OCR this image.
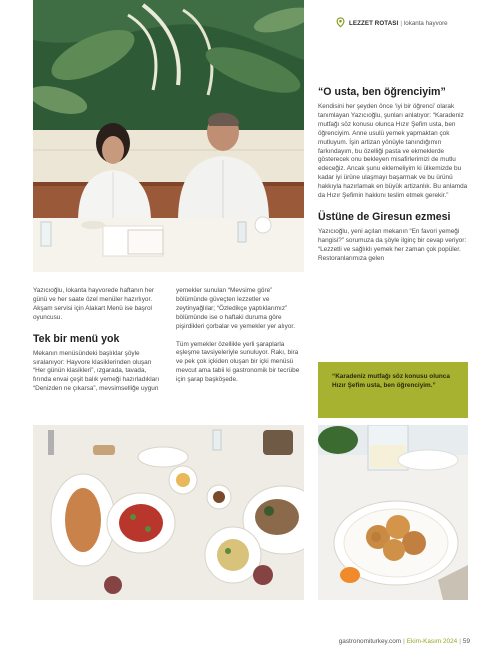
LEZZET ROTASI | lokanta hayvore
“O usta, ben öğrenciyim”

Kendisini her şeyden önce ‘iyi bir öğrenci’ olarak tanımlayan Yazıcıoğlu, şunları anlatıyor: “Karadeniz mutfağı söz konusu olunca Hızır Şefim usta, ben öğrenciyim. Anne usulü yemek yapmaktan çok mutluyum. İşin artizan yönüyle tanındığımın farkındayım, bu özelliği pasta ve ekmeklerde gösterecek onu bekleyen misafirlerimizi de mutlu edeceğiz. Ancak şunu eklemeliyim ki ülkemizde bu kadar iyi ürüne ulaşmayı başarmak ve bu ürünü hakkıyla hazırlamak en büyük artizanlık. Bu anlamda da Hızır Şefimin hakkını teslim etmek gerekir.”

Üstüne de Giresun ezmesi

Yazıcıoğlu, yeni açılan mekanın “En favori yemeği hangisi?” sorumuza da şöyle ilginç bir cevap veriyor: “Lezzetli ve sağlıklı yemek her zaman çok popüler. Restoranlarımıza gelen

“Karadeniz mutfağı söz konusu olunca Hızır Şefim usta, ben öğrenciyim.”

Yazıcıoğlu, lokanta hayvorede haftanın her günü ve her saate özel menüler hazırlıyor. Akşam servisi için Alakart Menü ise başrol oyuncusu.

Tek bir menü yok

Mekanın menüsündeki başlıklar şöyle sıralanıyor: Hayvore klasiklerinden oluşan “Her günün klasikleri”, ızgarada, tavada, fırında envai çeşit balık yemeği hazırladıkları “Denizden ne çıkarsa”, mevsimselliğe uygun

yemekler sunulan “Mevsime göre” bölümünde güveçten lezzetler ve zeytinyağlılar; “Özledikçe yaptıklarımız” bölümünde ise o haftaki duruma göre pişirdikleri çorbalar ve yemekler yer alıyor.

Tüm yemekler özellikle yerli şaraplarla eşleşme tavsiyeleriyle sunuluyor. Rakı, bira ve pek çok içkiden oluşan bir içki menüsü mevcut ama tabii ki gastronomik bir tecrübe için şarap başköşede.

gastronomiturkey.com | Ekim-Kasım 2024 | 59
